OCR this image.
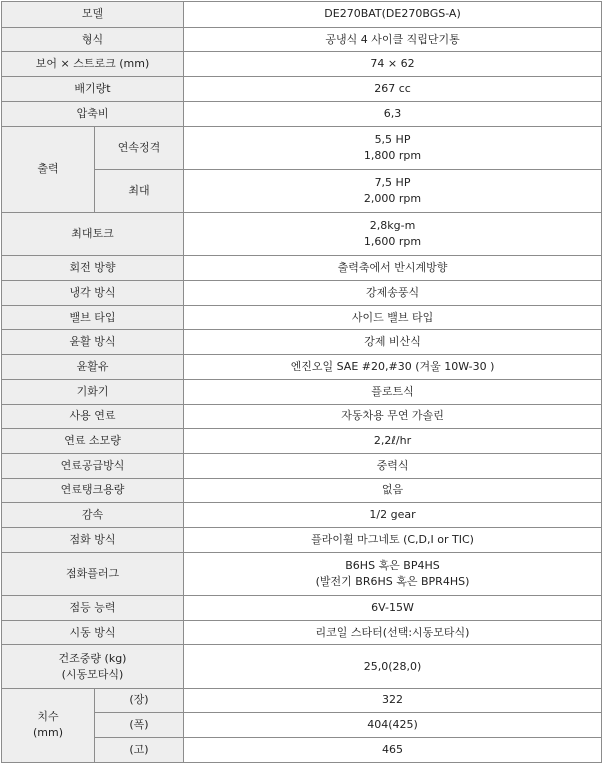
모델		DE270BAT(DE270BGS-A)
형식		공냉식 4 사이클 직립단기통
보어 × 스트로크 (mm)		74 × 62
배기량t		267 cc
압축비		6,3
출력	연속정격	5,5 HP
1,800 rpm
	최대	7,5 HP
2,000 rpm
최대토크		2,8kg-m
1,600 rpm
회전 방향		출력축에서 반시계방향
냉각 방식		강제송풍식
밸브 타입		사이드 밸브 타입
윤활 방식		강제 비산식
윤활유		엔진오일 SAE #20,#30 (겨울 10W-30 )
기화기		플로트식
사용 연료		자동차용 무연 가솔린
연료 소모량		2,2ℓ/hr
연료공급방식		중력식
연료탱크용량		없음
감속		1/2 gear
점화 방식		플라이휠 마그네토 (C,D,I or TIC)
점화플러그		B6HS 혹은 BP4HS
(발전기 BR6HS 혹은 BPR4HS)
점등 능력		6V-15W
시동 방식		리코일 스타터(선택:시동모타식)
건조중량 (kg)
(시동모타식)		25,0(28,0)
치수
(mm)	(장)	322
	(폭)	404(425)
	(고)	465
